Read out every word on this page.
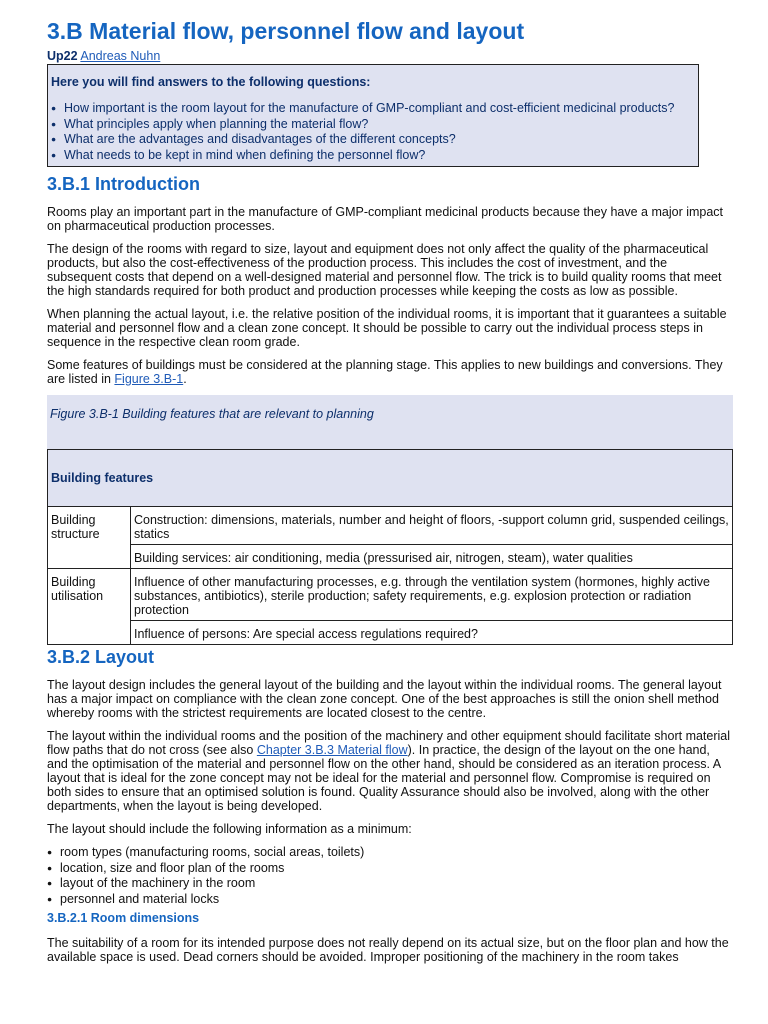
3.B Material flow, personnel flow and layout
Up22 Andreas Nuhn
Here you will find answers to the following questions:
● How important is the room layout for the manufacture of GMP-compliant and cost-efficient medicinal products?
● What principles apply when planning the material flow?
● What are the advantages and disadvantages of the different concepts?
● What needs to be kept in mind when defining the personnel flow?
3.B.1 Introduction

Rooms play an important part in the manufacture of GMP-compliant medicinal products because they have a major impact on pharmaceutical production processes.

The design of the rooms with regard to size, layout and equipment does not only affect the quality of the pharmaceutical products, but also the cost-effectiveness of the production process. This includes the cost of investment, and the subsequent costs that depend on a well-designed material and personnel flow. The trick is to build quality rooms that meet the high standards required for both product and production processes while keeping the costs as low as possible.

When planning the actual layout, i.e. the relative position of the individual rooms, it is important that it guarantees a suitable material and personnel flow and a clean zone concept. It should be possible to carry out the individual process steps in sequence in the respective clean room grade.

Some features of buildings must be considered at the planning stage. This applies to new buildings and conversions. They are listed in Figure 3.B-1.

Figure 3.B-1 Building features that are relevant to planning
Building features	
Building structure	Construction: dimensions, materials, number and height of floors, -support column grid, suspended ceilings, statics
	Building services: air conditioning, media (pressurised air, nitrogen, steam), water qualities
Building utilisation	Influence of other manufacturing processes, e.g. through the ventilation system (hormones, highly active substances, antibiotics), sterile production; safety requirements, e.g. explosion protection or radiation protection
	Influence of persons: Are special access regulations required?
3.B.2 Layout

The layout design includes the general layout of the building and the layout within the individual rooms. The general layout has a major impact on compliance with the clean zone concept. One of the best approaches is still the onion shell method whereby rooms with the strictest requirements are located closest to the centre.

The layout within the individual rooms and the position of the machinery and other equipment should facilitate short material flow paths that do not cross (see also Chapter 3.B.3 Material flow). In practice, the design of the layout on the one hand, and the optimisation of the material and personnel flow on the other hand, should be considered as an iteration process. A layout that is ideal for the zone concept may not be ideal for the material and personnel flow. Compromise is required on both sides to ensure that an optimised solution is found. Quality Assurance should also be involved, along with the other departments, when the layout is being developed.

The layout should include the following information as a minimum:

● room types (manufacturing rooms, social areas, toilets)
● location, size and floor plan of the rooms
● layout of the machinery in the room
● personnel and material locks
3.B.2.1 Room dimensions

The suitability of a room for its intended purpose does not really depend on its actual size, but on the floor plan and how the available space is used. Dead corners should be avoided. Improper positioning of the machinery in the room takes
